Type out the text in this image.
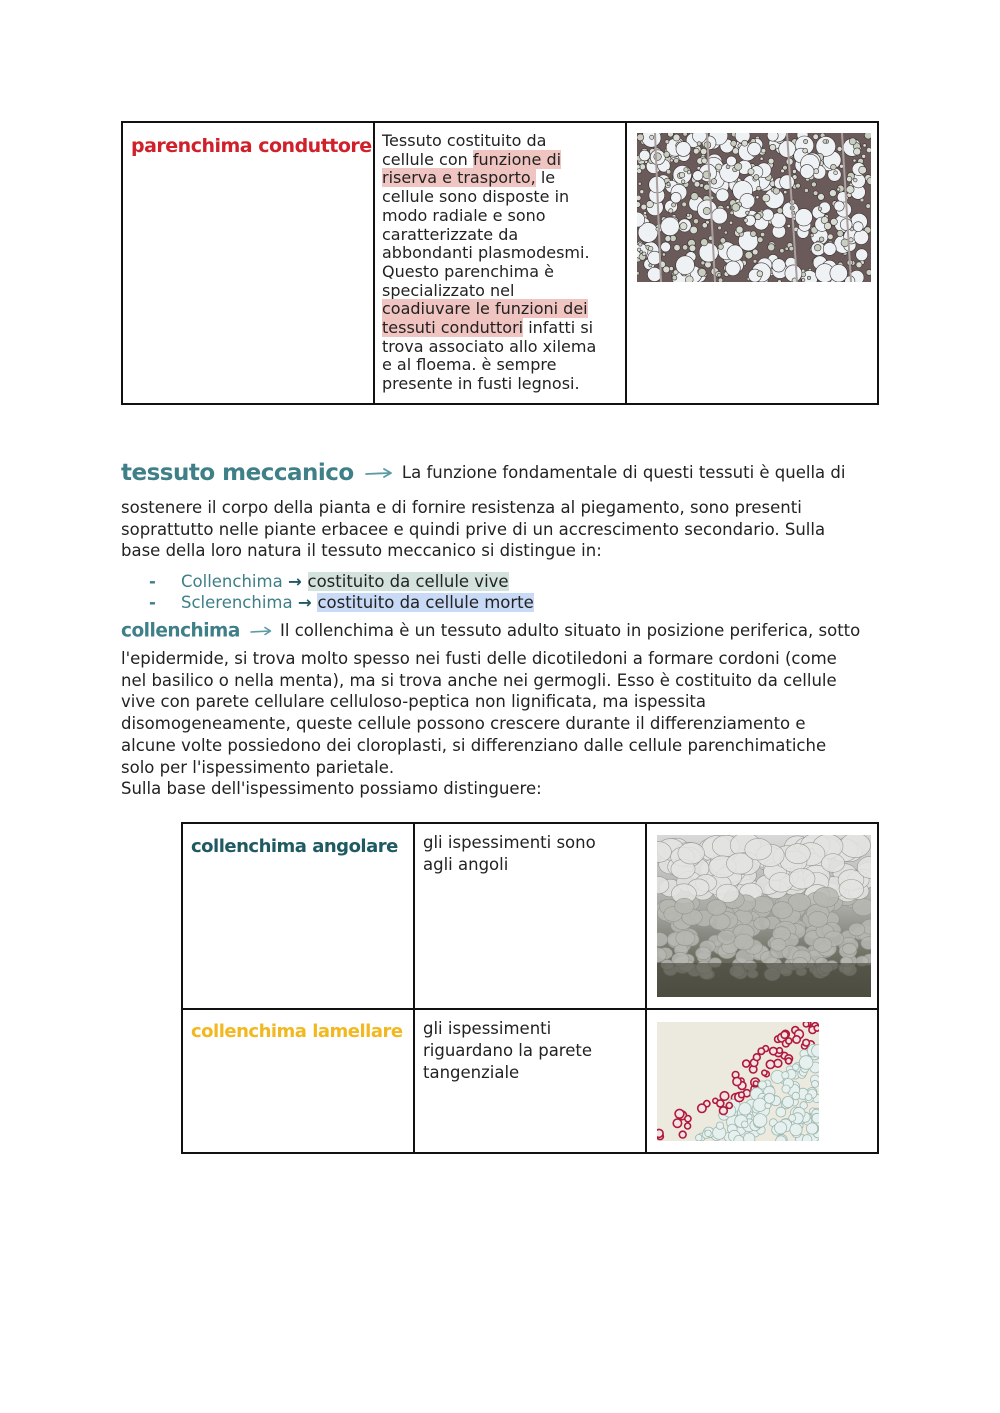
parenchima conduttore	Tessuto costituito da
cellule con funzione di
riserva e trasporto, le
cellule sono disposte in
modo radiale e sono
caratterizzate da
abbondanti plasmodesmi.
Questo parenchima è
specializzato nel
coadiuvare le funzioni dei
tessuti conduttori infatti si
trova associato allo xilema
e al floema. è sempre
presente in fusti legnosi.

tessuto meccanico	La funzione fondamentale di questi tessuti è quella di
sostenere il corpo della pianta e di fornire resistenza al piegamento, sono presenti
soprattutto nelle piante erbacee e quindi prive di un accrescimento secondario. Sulla
base della loro natura il tessuto meccanico si distingue in:
- Collenchima → costituito da cellule vive
- Sclerenchima → costituito da cellule morte
collenchima Il collenchima è un tessuto adulto situato in posizione periferica, sotto
l'epidermide, si trova molto spesso nei fusti delle dicotiledoni a formare cordoni (come
nel basilico o nella menta), ma si trova anche nei germogli. Esso è costituito da cellule
vive con parete cellulare celluloso-peptica non lignificata, ma ispessita
disomogeneamente, queste cellule possono crescere durante il differenziamento e
alcune volte possiedono dei cloroplasti, si differenziano dalle cellule parenchimatiche
solo per l'ispessimento parietale.
Sulla base dell'ispessimento possiamo distinguere:
collenchima angolare	gli ispessimenti sono
agli angoli

collenchima lamellare	gli ispessimenti
riguardano la parete
tangenziale
